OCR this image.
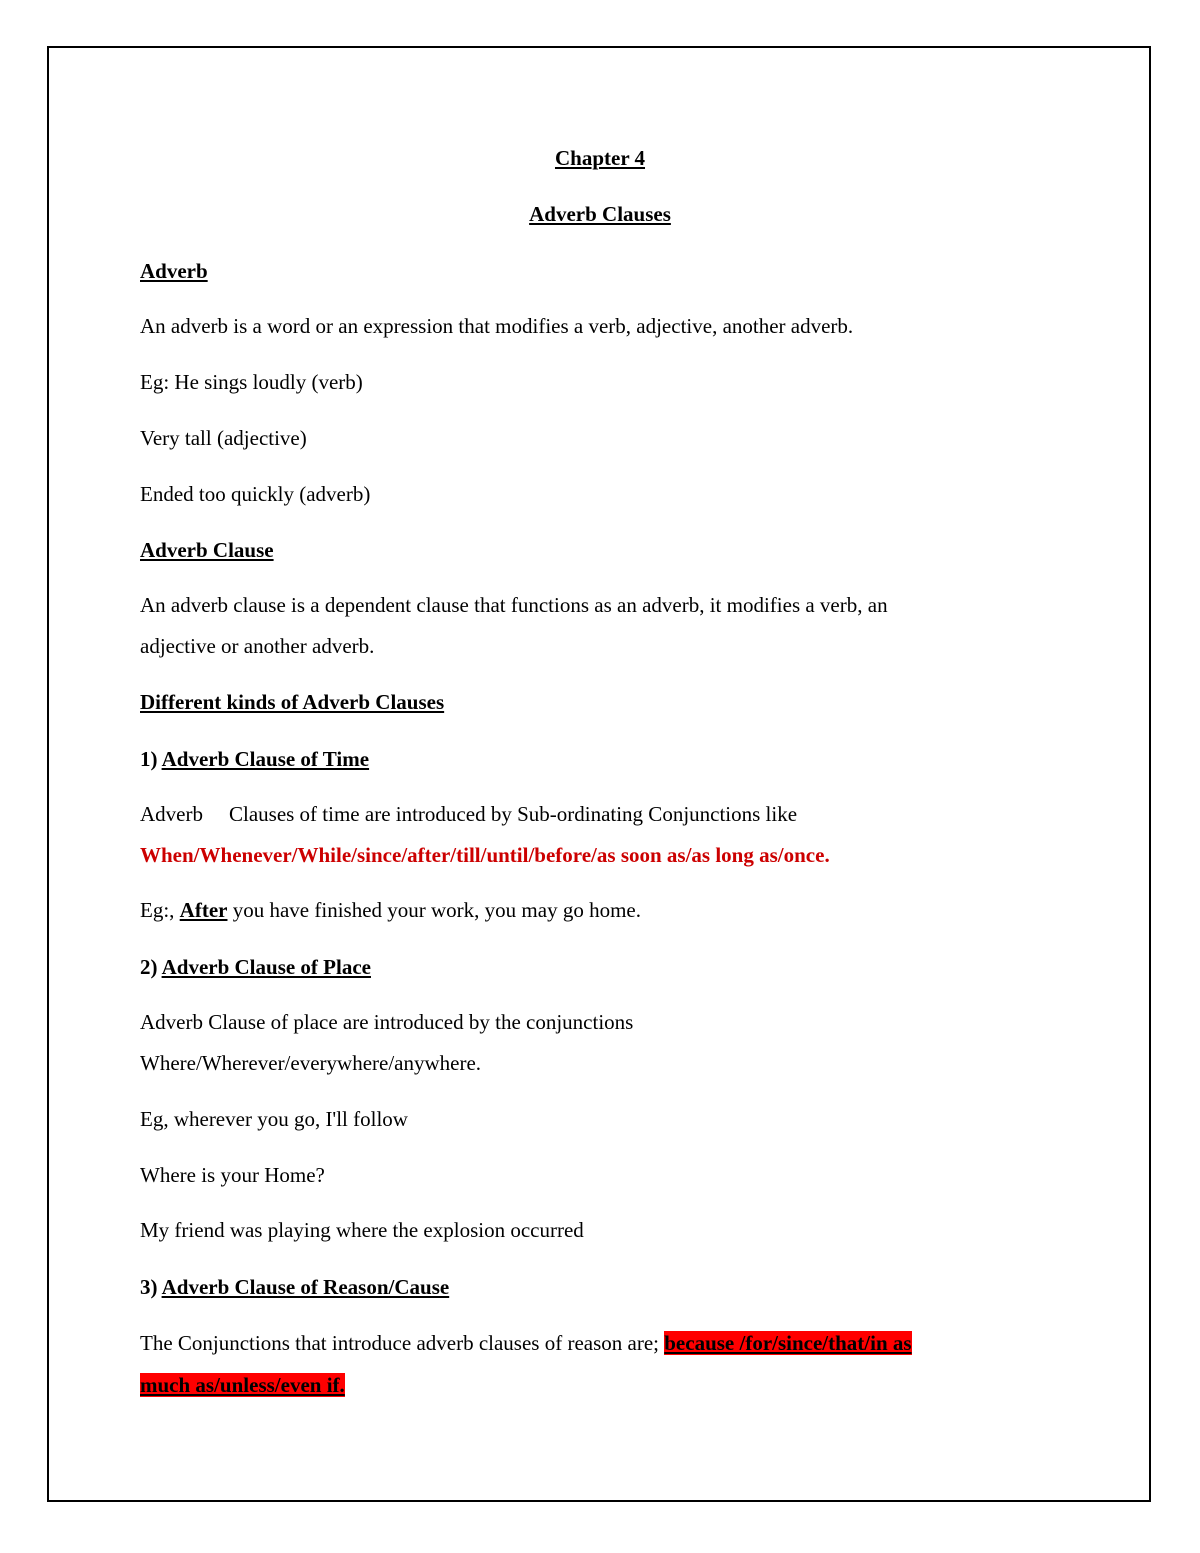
Chapter 4
Adverb Clauses
Adverb
An adverb is a word or an expression that modifies a verb, adjective, another adverb.
Eg: He sings loudly (verb)
Very tall (adjective)
Ended too quickly (adverb)
Adverb Clause
An adverb clause is a dependent clause that functions as an adverb, it modifies a verb, an
adjective or another adverb.
Different kinds of Adverb Clauses
1) Adverb Clause of Time
Adverb Clauses of time are introduced by Sub-ordinating Conjunctions like
When/Whenever/While/since/after/till/until/before/as soon as/as long as/once.
Eg:, After you have finished your work, you may go home.
2) Adverb Clause of Place
Adverb Clause of place are introduced by the conjunctions
Where/Wherever/everywhere/anywhere.
Eg, wherever you go, I'll follow
Where is your Home?
My friend was playing where the explosion occurred
3) Adverb Clause of Reason/Cause
The Conjunctions that introduce adverb clauses of reason are; because /for/since/that/in as
much as/unless/even if.
